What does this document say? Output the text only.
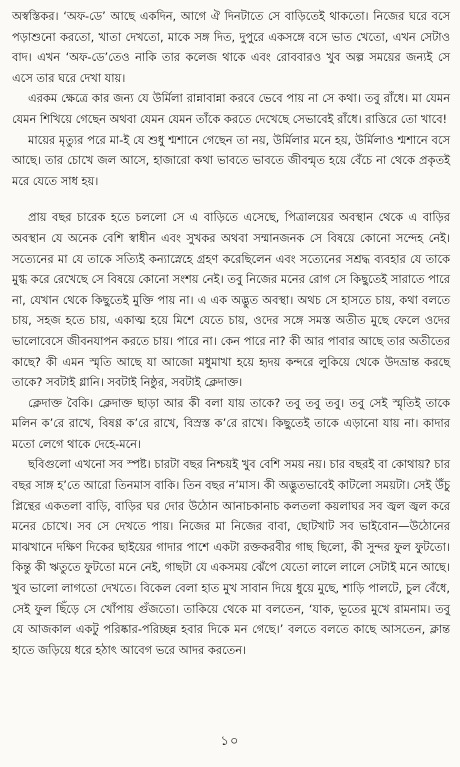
অস্বস্তিকর। ‘অফ-ডে’ আছে একদিন, আগে ঐ দিনটাতে সে বাড়িতেই থাকতো। নিজের ঘরে বসে পড়াশুনো করতো, খাতা দেখতো, মাকে সঙ্গ দিত, দুপুরে একসঙ্গে বসে ভাত খেতো, এখন সেটাও বাদ। এখন ‘অফ-ডে’তেও নাকি তার কলেজ থাকে এবং রোববারও খুব অল্প সময়ের জন্যই সে এসে তার ঘরে দেখা যায়।

এরকম ক্ষেত্রে কার জন্য যে উর্মিলা রান্নাবান্না করবে ভেবে পায় না সে কথা। তবু রাঁধে। মা যেমন যেমন শিখিয়ে গেছেন অথবা যেমন যেমন তাঁকে করতে দেখেছে সেভাবেই রাঁধে। রাত্তিরে তো খাবে!

মায়ের মৃত্যুর পরে মা-ই যে শুধু শ্মশানে গেছেন তা নয়, উর্মিলার মনে হয়, উর্মিলাও শ্মশানে বসে আছে। তার চোখে জল আসে, হাজারো কথা ভাবতে ভাবতে জীবন্মৃত হয়ে বেঁচে না থেকে প্রকৃতই মরে যেতে সাধ হয়।

প্রায় বছর চারেক হতে চললো সে এ বাড়িতে এসেছে, পিত্রালয়ের অবস্থান থেকে এ বাড়ির অবস্থান যে অনেক বেশি স্বাধীন এবং সুখকর অথবা সম্মানজনক সে বিষয়ে কোনো সন্দেহ নেই। সত্যেনের মা যে তাকে সত্যিই কন্যাস্নেহে গ্রহণ করেছিলেন এবং সত্যেনের সশ্রদ্ধ ব্যবহার যে তাকে মুগ্ধ করে রেখেছে সে বিষয়ে কোনো সংশয় নেই। তবু নিজের মনের রোগ সে কিছুতেই সারাতে পারে না, যেখান থেকে কিছুতেই মুক্তি পায় না। এ এক অদ্ভুত অবস্থা। অথচ সে হাসতে চায়, কথা বলতে চায়, সহজ হতে চায়, একাত্ম হয়ে মিশে যেতে চায়, ওদের সঙ্গে সমস্ত অতীত মুছে ফেলে ওদের ভালোবেসে জীবনযাপন করতে চায়। পারে না। কেন পারে না? কী আর পাবার আছে তার অতীতের কাছে? কী এমন স্মৃতি আছে যা আজো মধুমাখা হয়ে হৃদয় কন্দরে লুকিয়ে থেকে উদভ্রান্ত করছে তাকে? সবটাই গ্লানি। সবটাই নিষ্ঠুর, সবটাই ক্লেদাক্ত।

ক্লেদাক্ত বৈকি। ক্লেদাক্ত ছাড়া আর কী বলা যায় তাকে? তবু তবু তবু। তবু সেই স্মৃতিই তাকে মলিন ক’রে রাখে, বিষণ্ণ ক’রে রাখে, বিস্রস্ত ক’রে রাখে। কিছুতেই তাকে এড়ানো যায় না। কাদার মতো লেগে থাকে দেহে-মনে।

ছবিগুলো এখনো সব স্পষ্ট। চারটা বছর নিশ্চয়ই খুব বেশি সময় নয়। চার বছরই বা কোথায়? চার বছর সাঙ্গ হ’তে আরো তিনমাস বাকি। তিন বছর ন’মাস। কী অদ্ভুতভাবেই কাটলো সময়টা। সেই উঁচু প্লিন্থের একতলা বাড়ি, বাড়ির ঘর দোর উঠোন আনাচকানাচ কলতলা কয়লাঘর সব জ্বল জ্বল করে মনের চোখে। সব সে দেখতে পায়। নিজের মা নিজের বাবা, ছোটখাট সব ভাইবোন—উঠোনের মাঝখানে দক্ষিণ দিকের ছাইয়ের গাদার পাশে একটা রক্তকরবীর গাছ ছিলো, কী সুন্দর ফুল ফুটতো। কিন্তু কী ঋতুতে ফুটতো মনে নেই, গাছটা যে একসময় ঝেঁপে যেতো লালে লালে সেটাই মনে আছে। খুব ভালো লাগতো দেখতে। বিকেল বেলা হাত মুখ সাবান দিয়ে ধুয়ে মুছে, শাড়ি পালটে, চুল বেঁধে, সেই ফুল ছিঁড়ে সে খোঁপায় গুঁজতো। তাকিয়ে থেকে মা বলতেন, ‘যাক, ভূতের মুখে রামনাম। তবু যে আজকাল একটু পরিষ্কার-পরিচ্ছন্ন হবার দিকে মন গেছে।’ বলতে বলতে কাছে আসতেন, ক্লান্ত হাতে জড়িয়ে ধরে হঠাৎ আবেগ ভরে আদর করতেন।

১০
